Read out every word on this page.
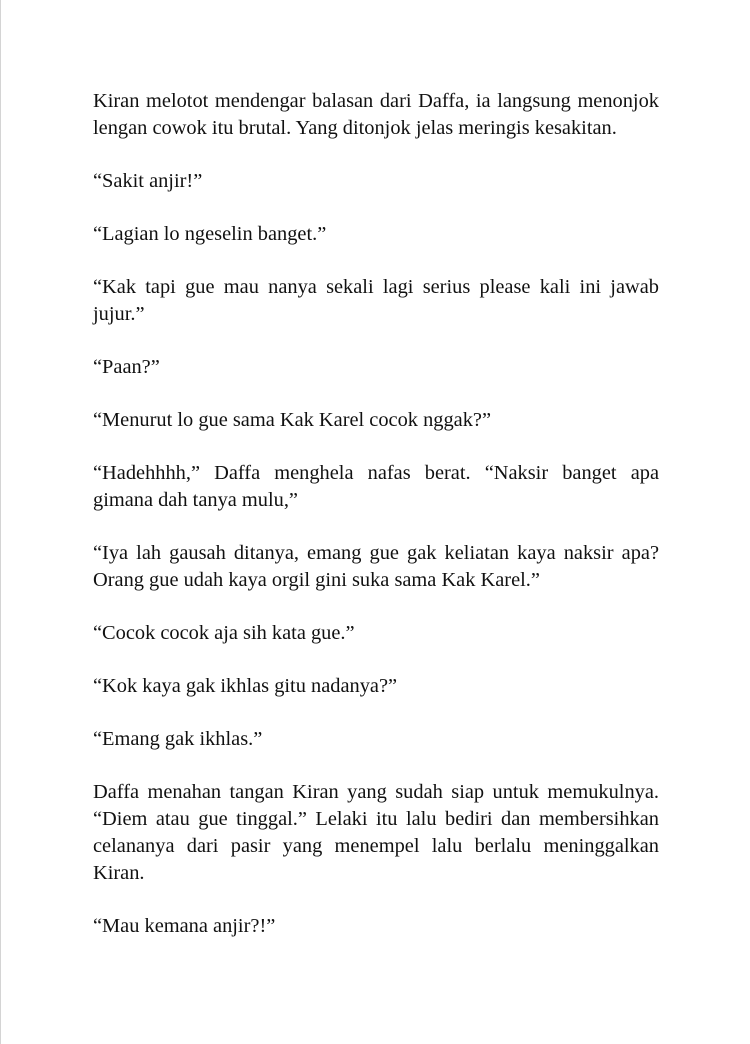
Kiran melotot mendengar balasan dari Daffa, ia langsung menonjok lengan cowok itu brutal. Yang ditonjok jelas meringis kesakitan.

“Sakit anjir!”

“Lagian lo ngeselin banget.”

“Kak tapi gue mau nanya sekali lagi serius please kali ini jawab jujur.”

“Paan?”

“Menurut lo gue sama Kak Karel cocok nggak?”

“Hadehhhh,” Daffa menghela nafas berat. “Naksir banget apa gimana dah tanya mulu,”

“Iya lah gausah ditanya, emang gue gak keliatan kaya naksir apa? Orang gue udah kaya orgil gini suka sama Kak Karel.”

“Cocok cocok aja sih kata gue.”

“Kok kaya gak ikhlas gitu nadanya?”

“Emang gak ikhlas.”

Daffa menahan tangan Kiran yang sudah siap untuk memukulnya. “Diem atau gue tinggal.” Lelaki itu lalu bediri dan membersihkan celananya dari pasir yang menempel lalu berlalu meninggalkan Kiran.

“Mau kemana anjir?!”
